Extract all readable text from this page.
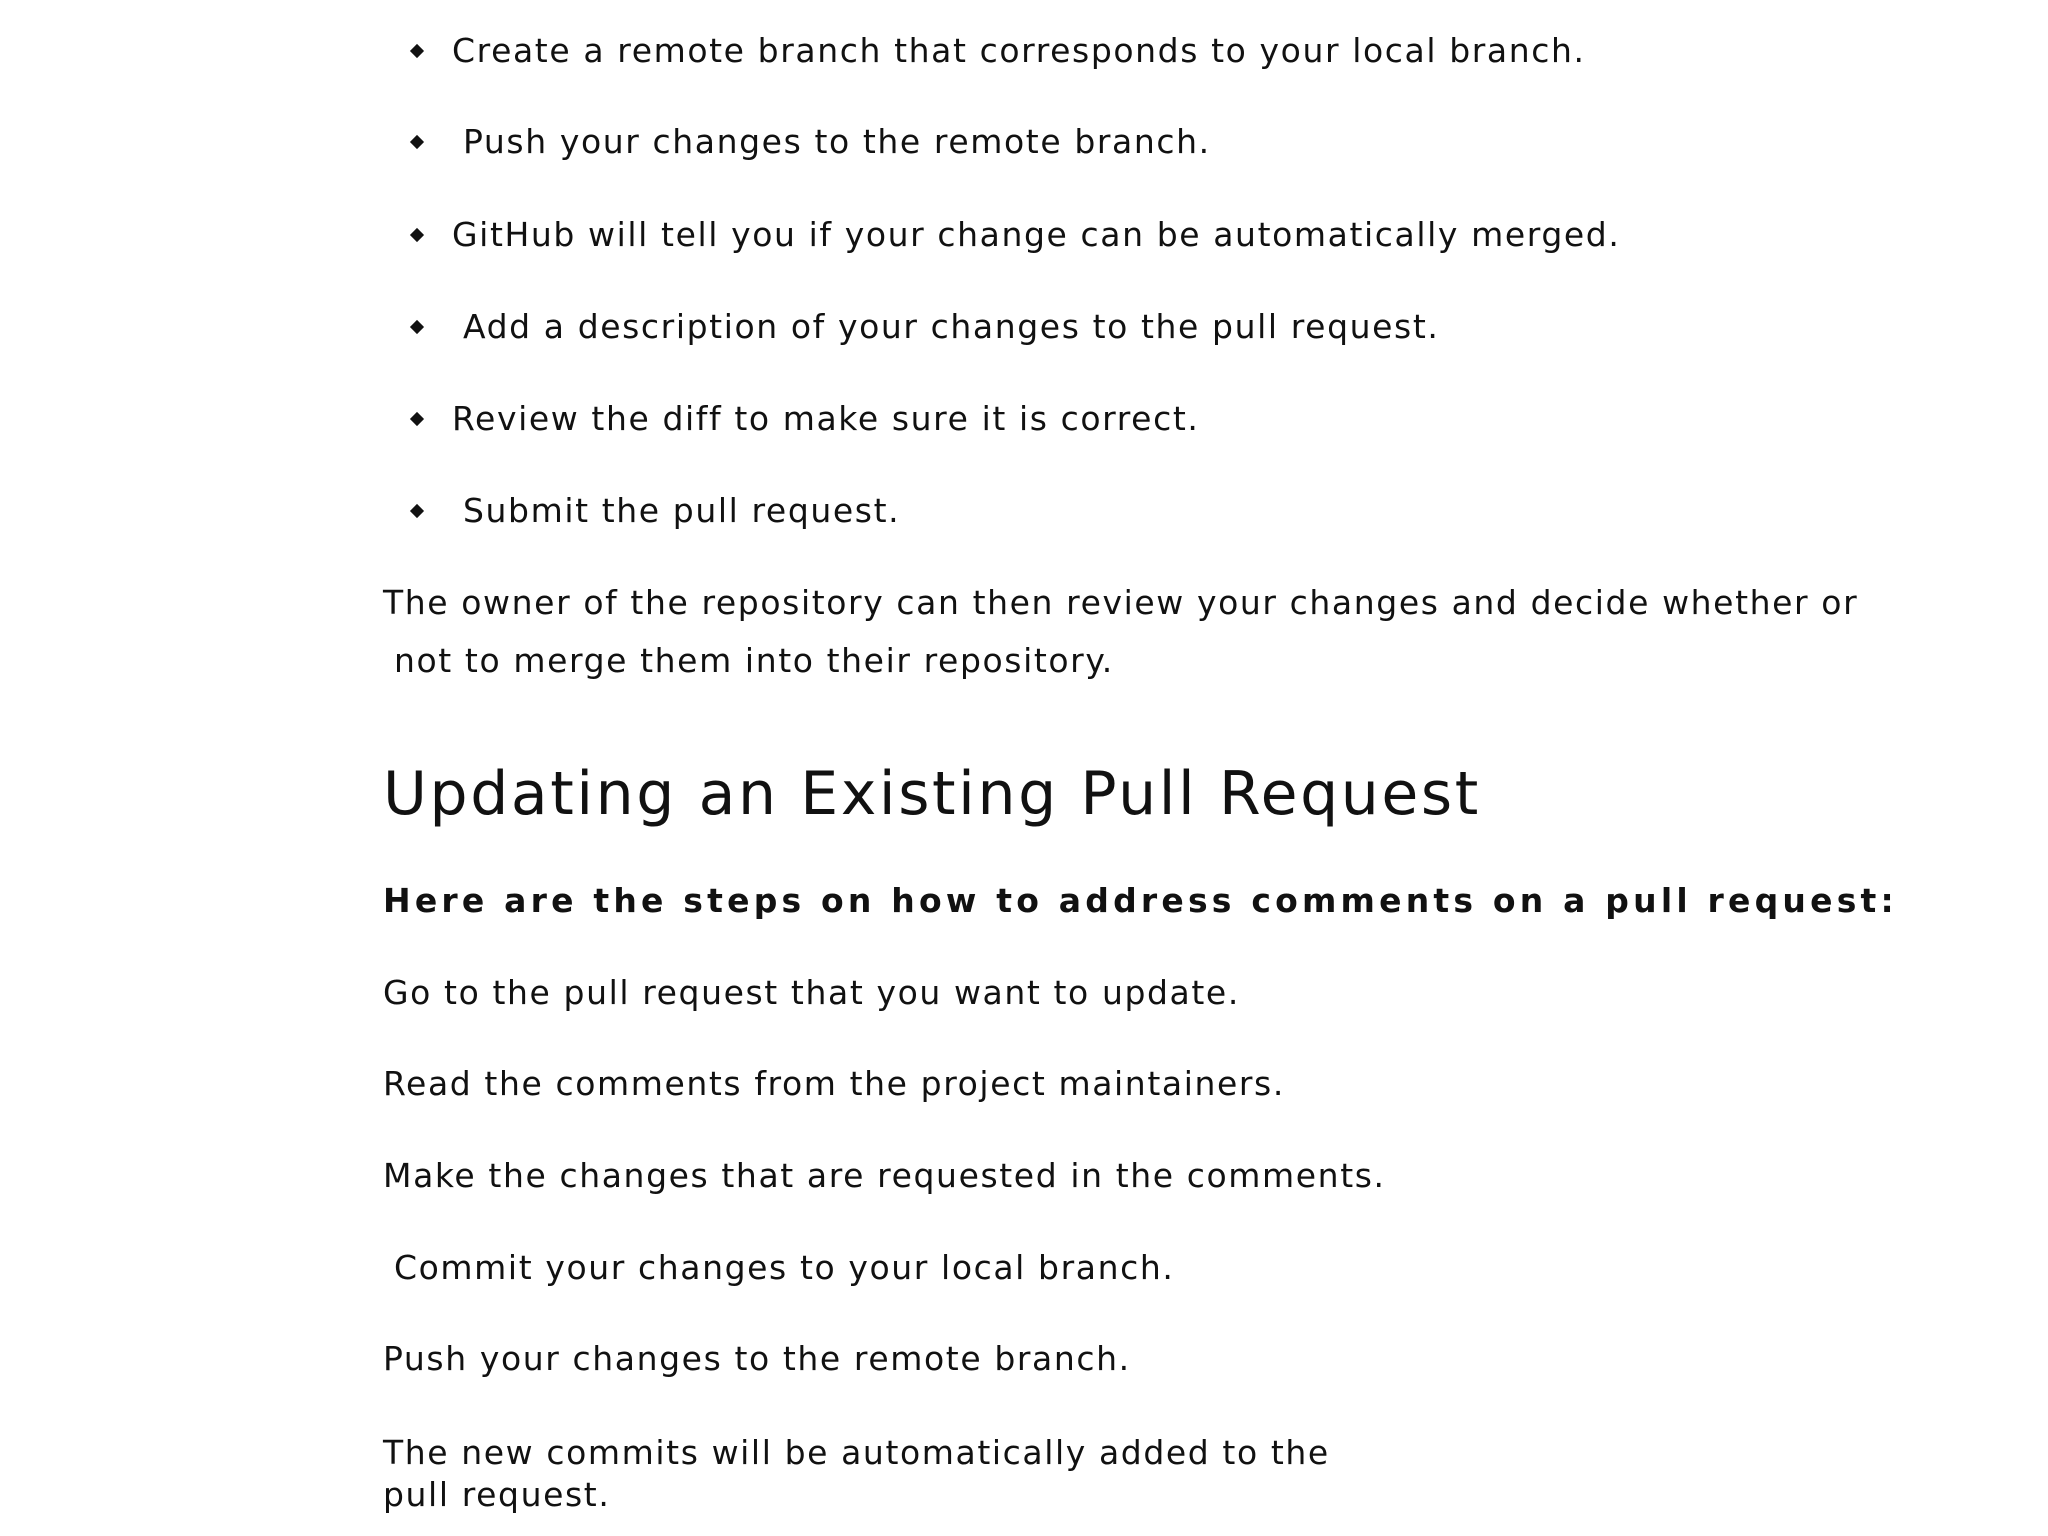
Create a remote branch that corresponds to your local branch.
Push your changes to the remote branch.
GitHub will tell you if your change can be automatically merged.
Add a description of your changes to the pull request.
Review the diff to make sure it is correct.
Submit the pull request.

The owner of the repository can then review your changes and decide whether or
not to merge them into their repository.

Updating an Existing Pull Request

Here are the steps on how to address comments on a pull request:

Go to the pull request that you want to update.

Read the comments from the project maintainers.

Make the changes that are requested in the comments.

Commit your changes to your local branch.

Push your changes to the remote branch.

The new commits will be automatically added to the pull request.
